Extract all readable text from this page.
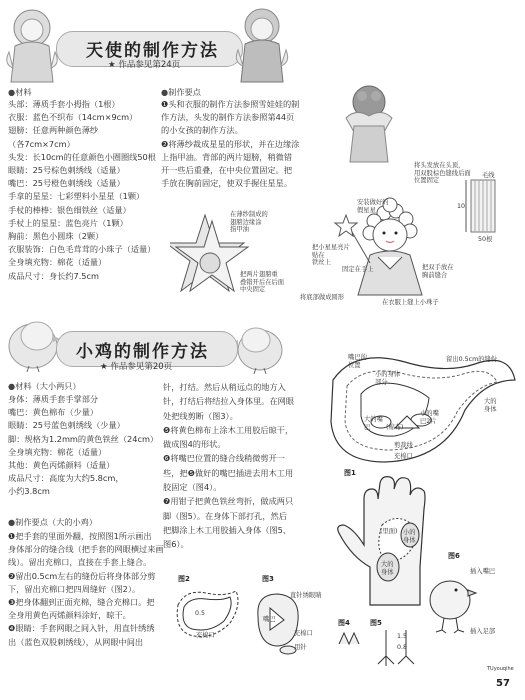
天使的制作方法
★ 作品参见第24页
●材料
头部：薄质手套小拇指（1根）
衣服：蓝色不织布（14cm×9cm）
翅膀：任意两种颜色薄纱
（各7cm×7cm）
头发：长10cm的任意颜色小圈圈线50根
眼睛：25号棕色刺绣线（适量）
嘴巴：25号橙色刺绣线（适量）
手拿的星星：七彩塑料小星星（1颗）
手杖的棒棒：银色细铁丝（适量）
手杖上的星星：蓝色亮片（1颗）
胸前：黑色小圆珠（2颗）
衣服装饰：白色毛茸茸的小珠子（适量）
全身填充物：棉花（适量）
成品尺寸：身长约7.5cm
●制作要点
❶头和衣服的制作方法参照雪娃娃的制
作方法，头发的制作方法参照第44页
的小女孩的制作方法。
❷将薄纱裁成星星的形状，并在边缘涂
上指甲油。背部的两片翅膀，稍微错
开一些后重叠，在中央位置固定。把
手放在胸前固定，使双手握住星星。
在薄纱制成的
翅膀边缘涂
指甲油
把两片翅膀重
叠错开后在后面
中央固定
将头发放在头顶，
用双股棕色缝线后面
位置固定
安装做好的
假星星
把小星星亮片
贴在
铁丝上
固定在手上	把双手放在
胸前缝合
将底部做成圆形
在衣服上缝上小珠子
毛线
10
50根
小鸡的制作方法
★ 作品参见第20页
●材料（大小两只）
身体：薄质手套手掌部分
嘴巴：黄色棉布（少量）
眼睛：25号蓝色刺绣线（少量）
脚：规格为1.2mm的黄色铁丝（24cm）
全身填充物：棉花（适量）
其他：黄色丙烯颜料（适量）
成品尺寸：高度为大约5.8cm，
小约3.8cm
●制作要点（大的小鸡）
❶把手套的里面外翻，按照图1所示画出
身体部分的缝合线（把手套的网眼横过来画
线）。留出充棉口，直接在手套上缝合。
❷留出0.5cm左右的缝份后将身体部分剪
下，留出充棉口把四周缝好（图2）。
❸把身体翻到正面充棉，缝合充棉口。把
全身用黄色丙烯颜料涂好，晾干。
❹眼睛：手套网眼之间入针，用直针绣绣
出（蓝色双股刺绣线），从网眼中间出
针，打结。然后从稍远点的地方入
针，打结后将结拉入身体里。在网眼
处把线剪断（图3）。
❺将黄色棉布上涂木工用胶后晾干，
做成图4的形状。
❻将嘴巴位置的缝合线稍微剪开一
些，把❺做好的嘴巴插进去用木工用
胶固定（图4）。
❼用钳子把黄色铁丝弯折，做成两只
脚（图5）。在身体下部打孔，然后
把脚涂上木工用胶插入身体（图5、
图6）。
嘴巴的
位置
留出0.5cm的缝份
小的身体
部分
大的
身体
大的嘴
巴	(棉布)
小的嘴
巴2片
剪裁线
充棉口
图1
(里面) 小的
身体
大的
身体
图6
插入嘴巴
插入足部
图2
0.5
充棉口
图3
直针绣眼睛
嘴巴
充棉口
用针
图4	图5
1.5
0.8
TUyouqihe
57
